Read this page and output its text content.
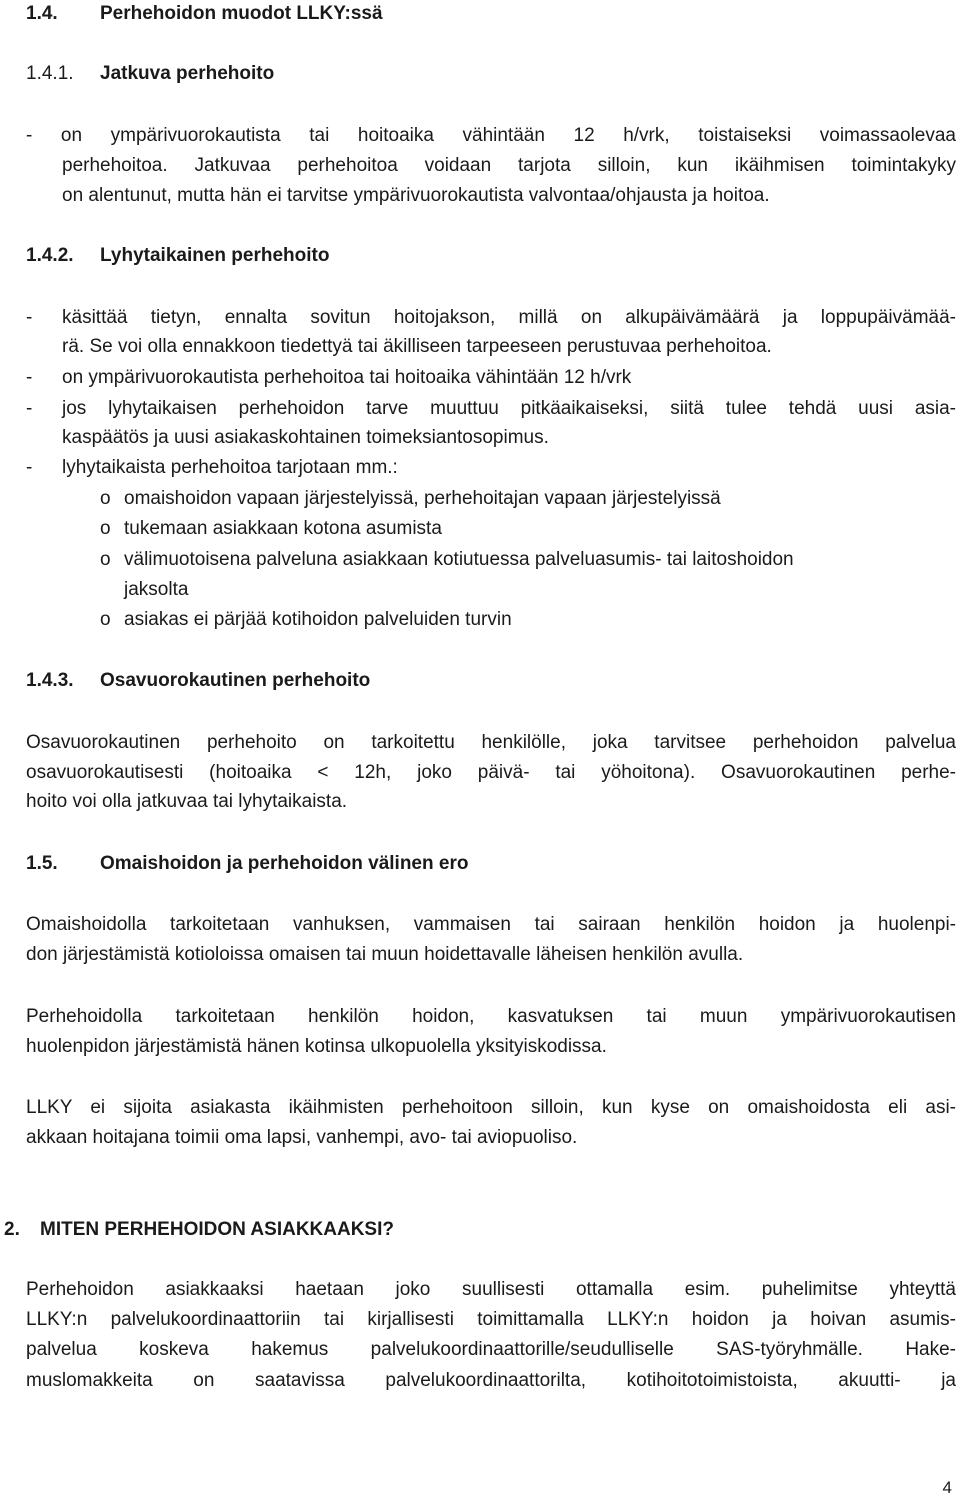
1.4. Perhehoidon muodot LLKY:ssä
1.4.1. Jatkuva perhehoito
- on ympärivuorokautista tai hoitoaika vähintään 12 h/vrk, toistaiseksi voimassaolevaa
perhehoitoa. Jatkuvaa perhehoitoa voidaan tarjota silloin, kun ikäihmisen toimintakyky
on alentunut, mutta hän ei tarvitse ympärivuorokautista valvontaa/ohjausta ja hoitoa.
1.4.2. Lyhytaikainen perhehoito
- käsittää tietyn, ennalta sovitun hoitojakson, millä on alkupäivämäärä ja loppupäivämää-
rä. Se voi olla ennakkoon tiedettyä tai äkilliseen tarpeeseen perustuvaa perhehoitoa.
- on ympärivuorokautista perhehoitoa tai hoitoaika vähintään 12 h/vrk
- jos lyhytaikaisen perhehoidon tarve muuttuu pitkäaikaiseksi, siitä tulee tehdä uusi asia-
kaspäätös ja uusi asiakaskohtainen toimeksiantosopimus.
- lyhytaikaista perhehoitoa tarjotaan mm.:
o omaishoidon vapaan järjestelyissä, perhehoitajan vapaan järjestelyissä
o tukemaan asiakkaan kotona asumista
o välimuotoisena palveluna asiakkaan kotiutuessa palveluasumis- tai laitoshoidon
jaksolta
o asiakas ei pärjää kotihoidon palveluiden turvin
1.4.3. Osavuorokautinen perhehoito
Osavuorokautinen perhehoito on tarkoitettu henkilölle, joka tarvitsee perhehoidon palvelua
osavuorokautisesti (hoitoaika < 12h, joko päivä- tai yöhoitona). Osavuorokautinen perhe-
hoito voi olla jatkuvaa tai lyhytaikaista.
1.5. Omaishoidon ja perhehoidon välinen ero
Omaishoidolla tarkoitetaan vanhuksen, vammaisen tai sairaan henkilön hoidon ja huolenpi-
don järjestämistä kotioloissa omaisen tai muun hoidettavalle läheisen henkilön avulla.
Perhehoidolla tarkoitetaan henkilön hoidon, kasvatuksen tai muun ympärivuorokautisen
huolenpidon järjestämistä hänen kotinsa ulkopuolella yksityiskodissa.
LLKY ei sijoita asiakasta ikäihmisten perhehoitoon silloin, kun kyse on omaishoidosta eli asi-
akkaan hoitajana toimii oma lapsi, vanhempi, avo- tai aviopuoliso.
2. MITEN PERHEHOIDON ASIAKKAAKSI?
Perhehoidon asiakkaaksi haetaan joko suullisesti ottamalla esim. puhelimitse yhteyttä
LLKY:n palvelukoordinaattoriin tai kirjallisesti toimittamalla LLKY:n hoidon ja hoivan asumis-
palvelua koskeva hakemus palvelukoordinaattorille/seudulliselle SAS-työryhmälle. Hake-
muslomakkeita on saatavissa palvelukoordinaattorilta, kotihoitotoimistoista, akuutti- ja
4
